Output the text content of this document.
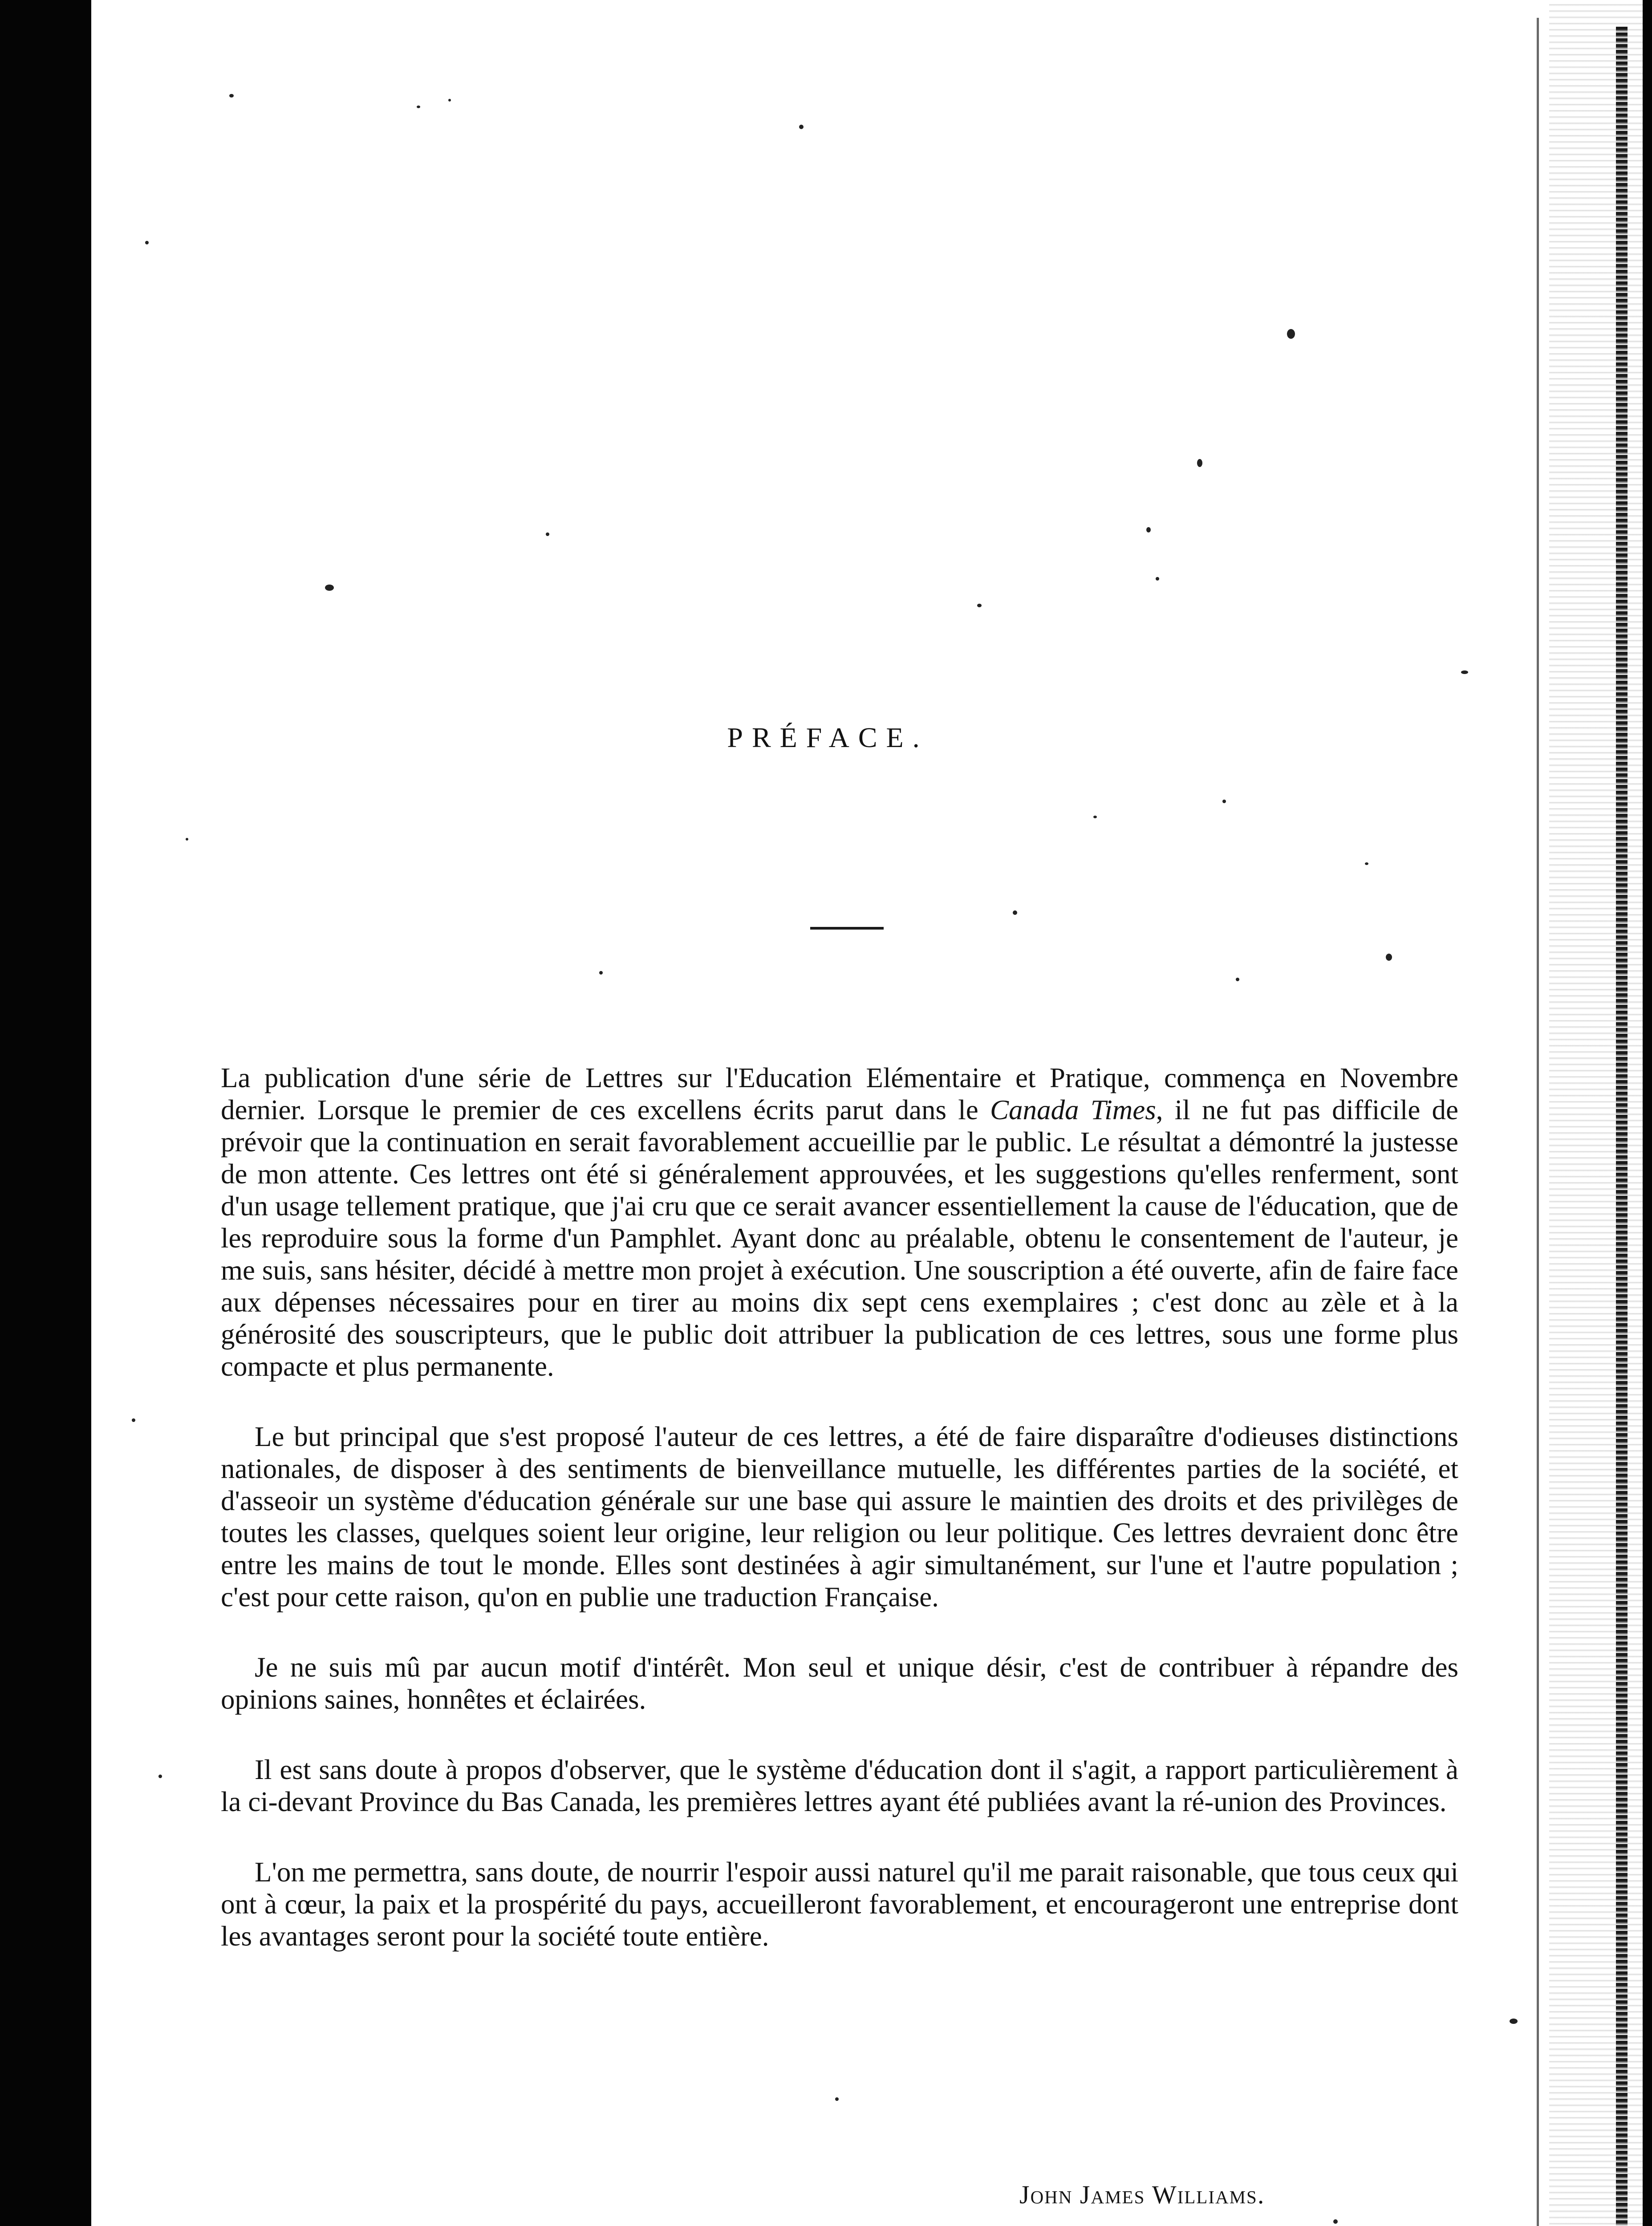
PRÉFACE.

La publication d'une série de Lettres sur l'Education Elémentaire et Pratique, commença en Novembre dernier. Lorsque le premier de ces excellens écrits parut dans le Canada Times, il ne fut pas difficile de prévoir que la continuation en serait favorablement accueillie par le public. Le résultat a démontré la justesse de mon attente. Ces lettres ont été si généralement approuvées, et les suggestions qu'elles renferment, sont d'un usage tellement pratique, que j'ai cru que ce serait avancer essentiellement la cause de l'éducation, que de les reproduire sous la forme d'un Pamphlet. Ayant donc au préalable, obtenu le consentement de l'auteur, je me suis, sans hésiter, décidé à mettre mon projet à exécution. Une souscription a été ouverte, afin de faire face aux dépenses nécessaires pour en tirer au moins dix sept cens exemplaires ; c'est donc au zèle et à la générosité des souscripteurs, que le public doit attribuer la publication de ces lettres, sous une forme plus compacte et plus permanente.

Le but principal que s'est proposé l'auteur de ces lettres, a été de faire disparaître d'odieuses distinctions nationales, de disposer à des sentiments de bienveillance mutuelle, les différentes parties de la société, et d'asseoir un système d'éducation générale sur une base qui assure le maintien des droits et des privilèges de toutes les classes, quelques soient leur origine, leur religion ou leur politique. Ces lettres devraient donc être entre les mains de tout le monde. Elles sont destinées à agir simultanément, sur l'une et l'autre population ; c'est pour cette raison, qu'on en publie une traduction Française.

Je ne suis mû par aucun motif d'intérêt. Mon seul et unique désir, c'est de contribuer à répandre des opinions saines, honnêtes et éclairées.

Il est sans doute à propos d'observer, que le système d'éducation dont il s'agit, a rapport particulièrement à la ci-devant Province du Bas Canada, les premières lettres ayant été publiées avant la ré-union des Provinces.

L'on me permettra, sans doute, de nourrir l'espoir aussi naturel qu'il me parait raisonable, que tous ceux qui ont à cœur, la paix et la prospérité du pays, accueilleront favorablement, et encourageront une entreprise dont les avantages seront pour la société toute entière.

John James Williams.
